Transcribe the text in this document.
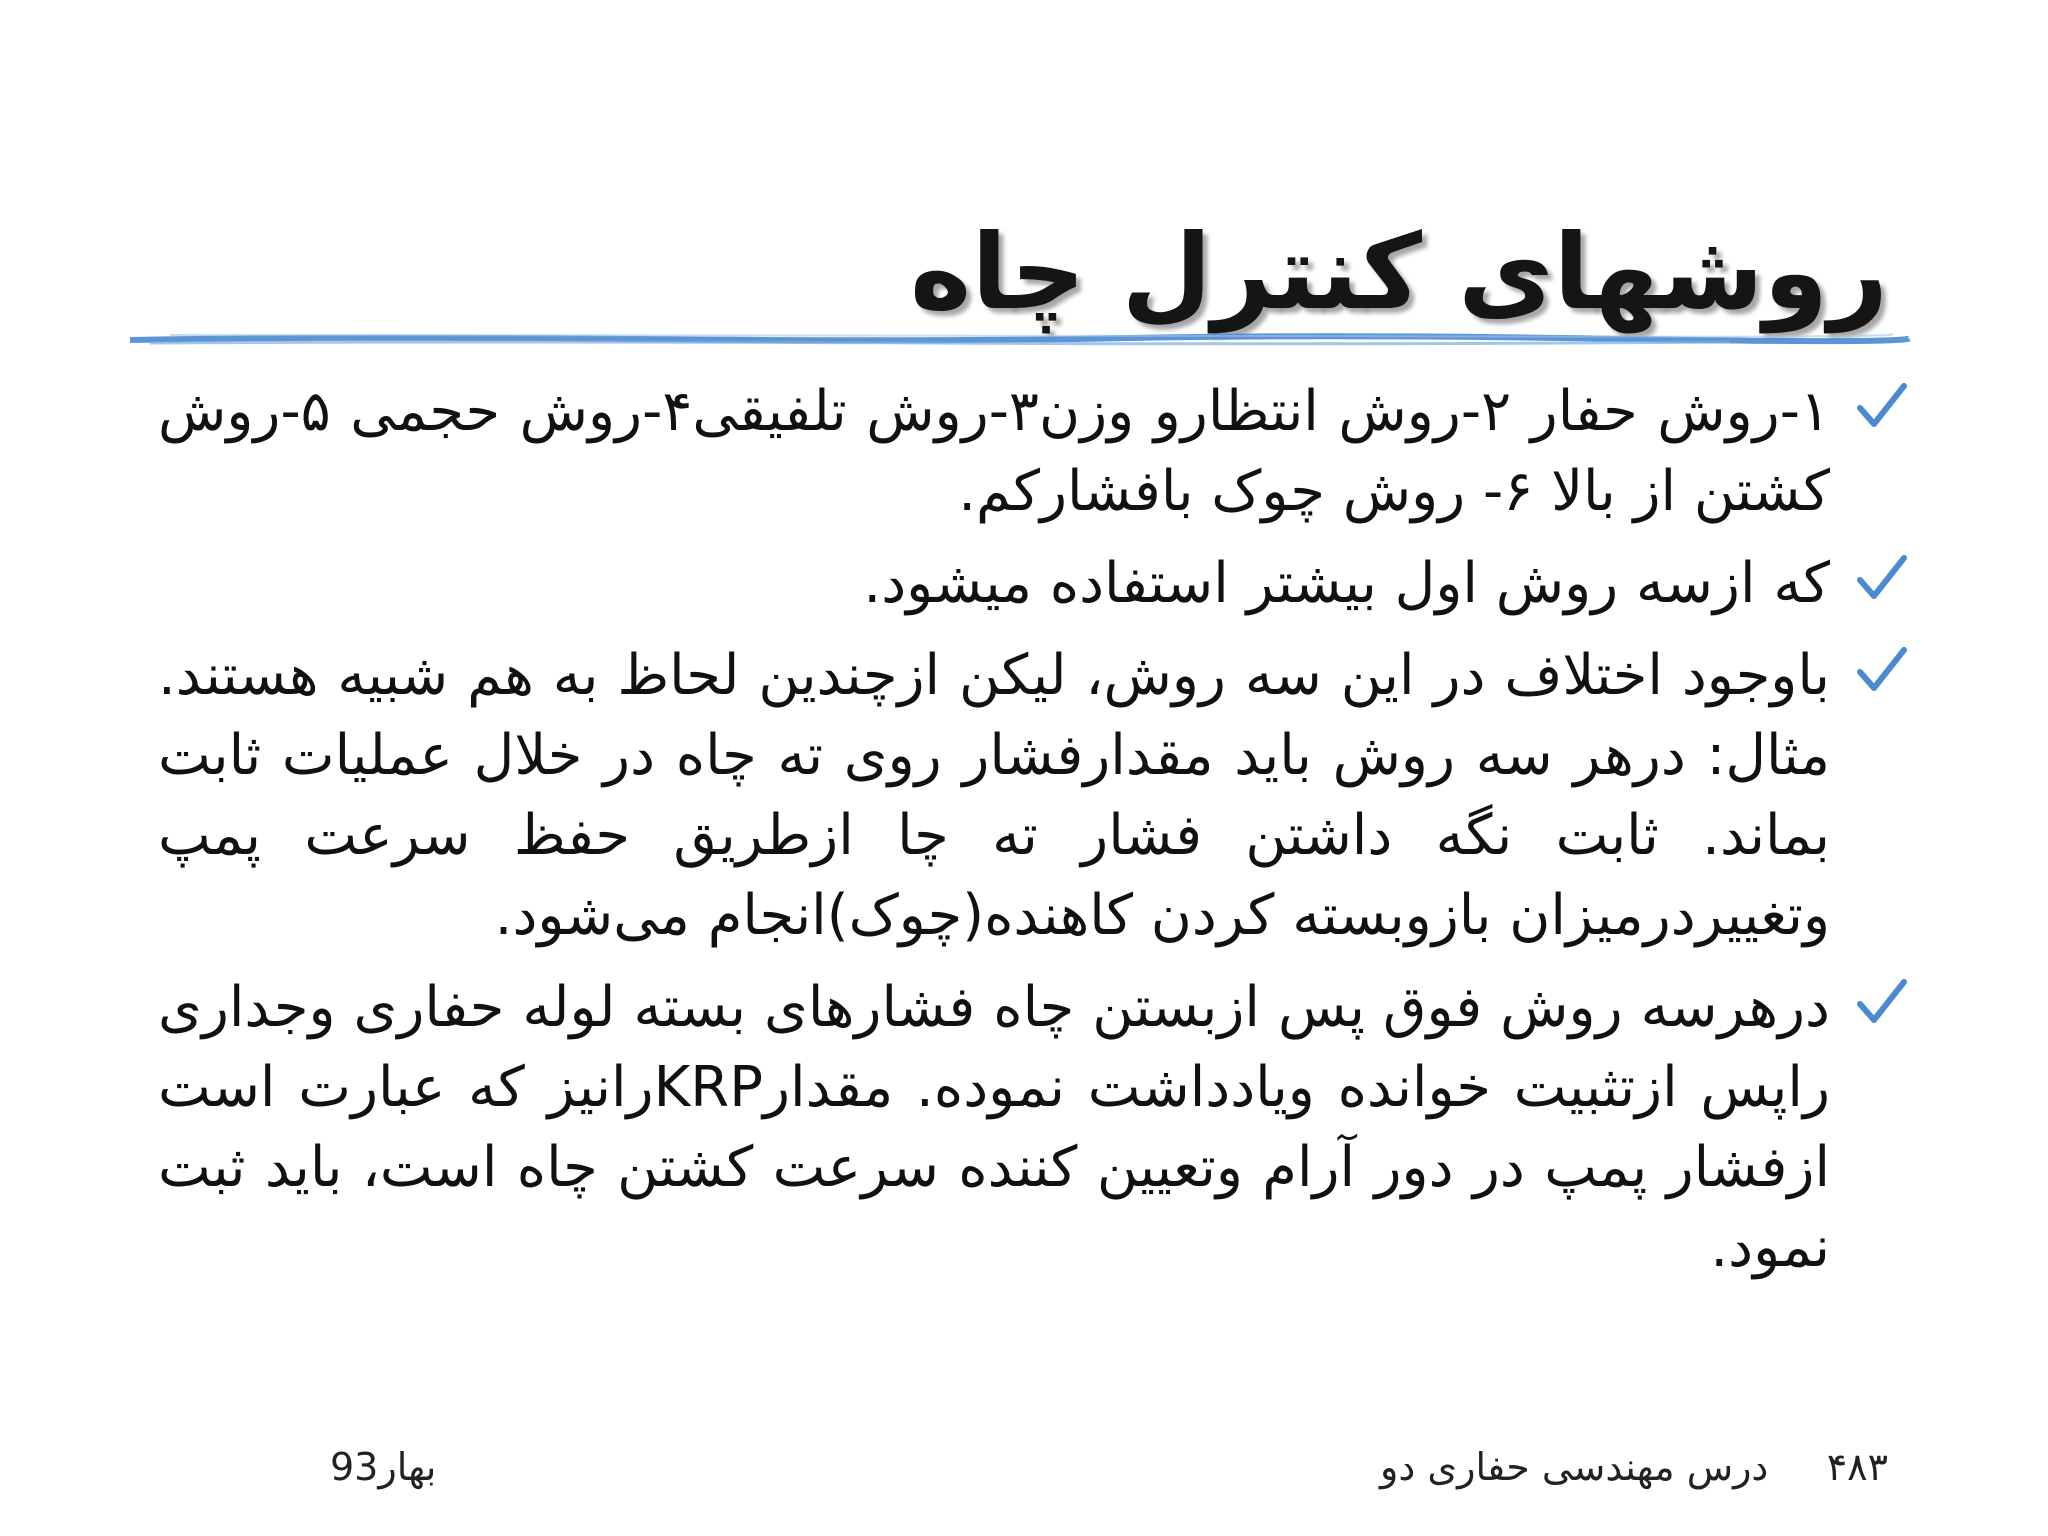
روشهای کنترل چاه

۱-روش حفار ۲-روش انتظارو وزن۳-روش تلفیقی۴-روش حجمی ۵-روش کشتن از بالا ۶- روش چوک بافشارکم.

که ازسه روش اول بیشتر استفاده میشود.

باوجود اختلاف در این سه روش، لیکن ازچندین لحاظ به هم شبیه هستند. مثال: درهر سه روش باید مقدارفشار روی ته چاه در خلال عملیات ثابت بماند. ثابت نگه داشتن فشار ته چا ازطریق حفظ سرعت پمپ وتغییردرمیزان بازوبسته کردن کاهنده(چوک)انجام می‌شود.

درهرسه روش فوق پس ازبستن چاه فشارهای بسته لوله حفاری وجداری راپس ازتثبیت خوانده ویادداشت نموده. مقدارKRPرانیز که عبارت است ازفشار پمپ در دور آرام وتعیین کننده سرعت کشتن چاه است، باید ثبت نمود.

بهار93	درس مهندسی حفاری دو ۴۸۳
